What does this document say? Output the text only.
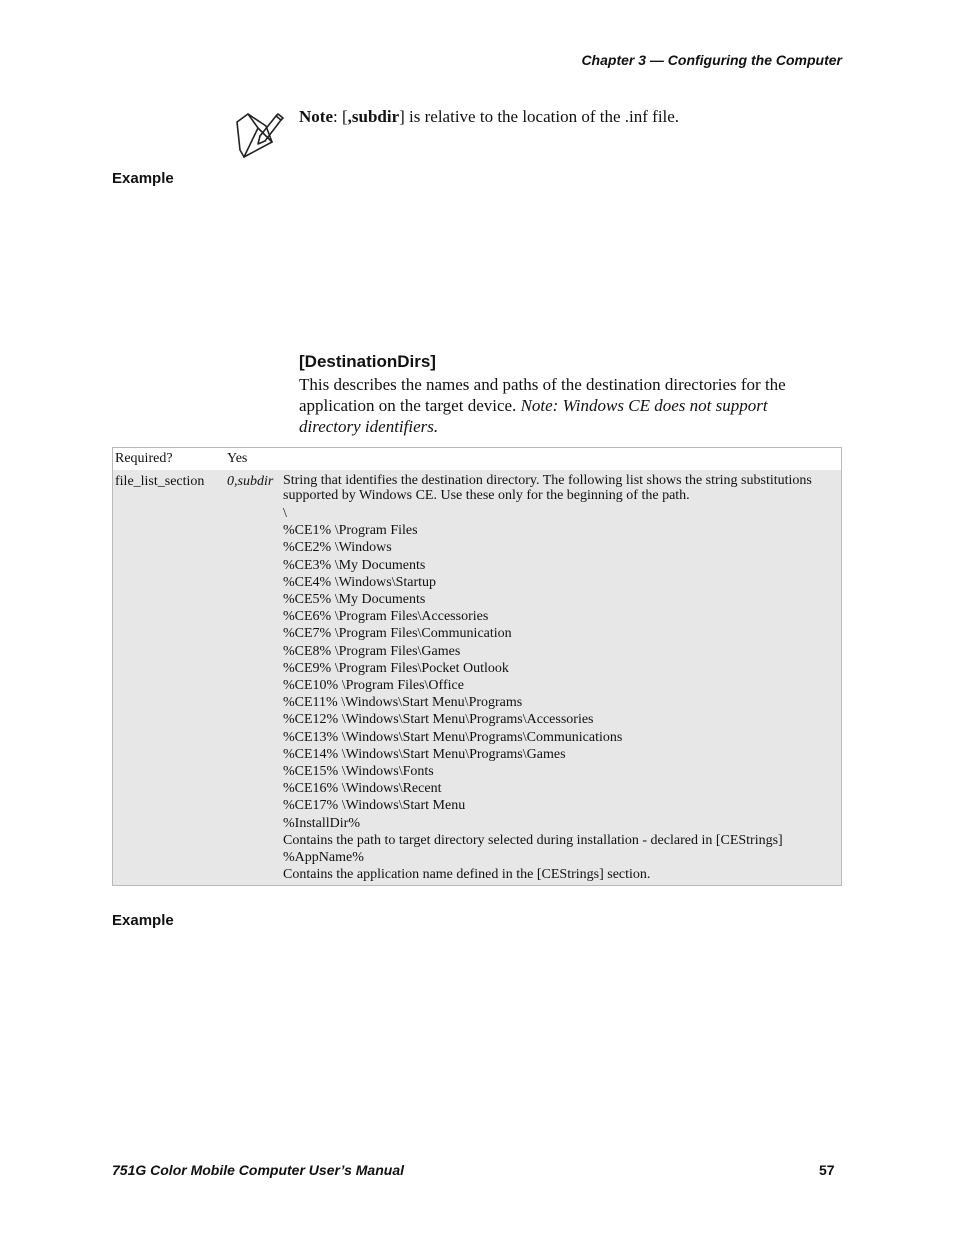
Chapter 3 — Configuring the Computer
Note: [,subdir] is relative to the location of the .inf file.
Example
[DestinationDirs]
This describes the names and paths of the destination directories for the application on the target device. Note: Windows CE does not support directory identifiers.
Required?	Yes
file_list_section 0,subdir String that identifies the destination directory. The following list shows the string substitutions supported by Windows CE. Use these only for the beginning of the path.
\
%CE1% \Program Files
%CE2% \Windows
%CE3% \My Documents
%CE4% \Windows\Startup
%CE5% \My Documents
%CE6% \Program Files\Accessories
%CE7% \Program Files\Communication
%CE8% \Program Files\Games
%CE9% \Program Files\Pocket Outlook
%CE10% \Program Files\Office
%CE11% \Windows\Start Menu\Programs
%CE12% \Windows\Start Menu\Programs\Accessories
%CE13% \Windows\Start Menu\Programs\Communications
%CE14% \Windows\Start Menu\Programs\Games
%CE15% \Windows\Fonts
%CE16% \Windows\Recent
%CE17% \Windows\Start Menu
%InstallDir%
Contains the path to target directory selected during installation - declared in [CEStrings]
%AppName%
Contains the application name defined in the [CEStrings] section.
Example
751G Color Mobile Computer User’s Manual	57
